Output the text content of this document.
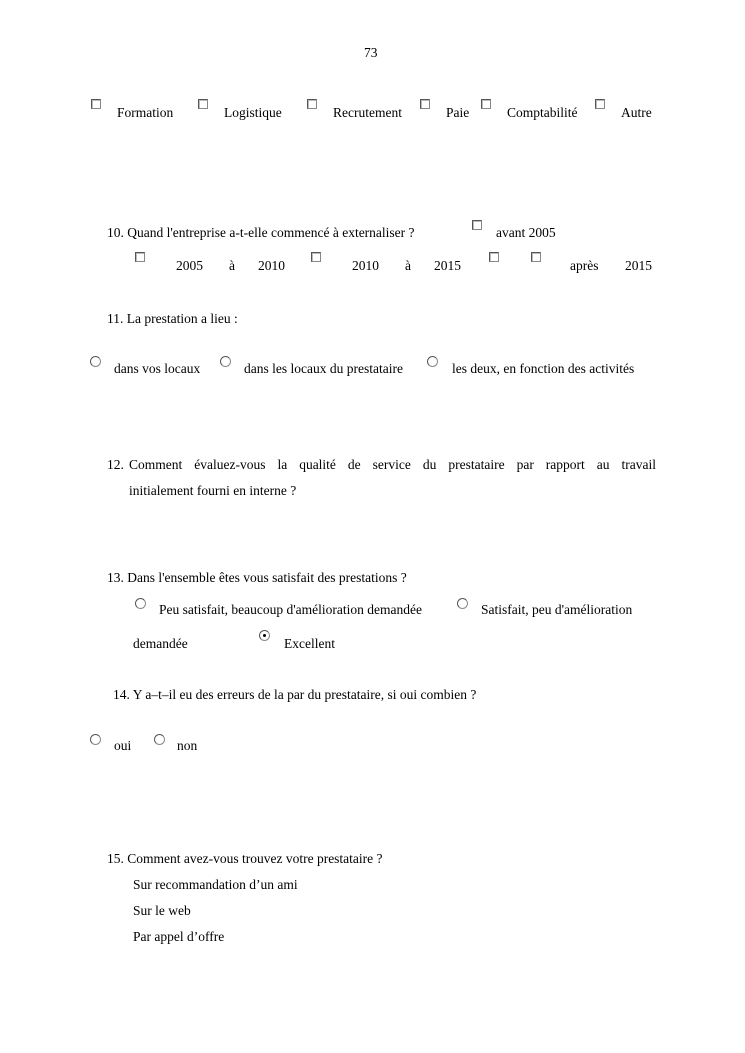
73
Formation	Logistique	Recrutement	Paie	Comptabilité	Autre
10. Quand l'entreprise a-t-elle commencé à externaliser ?	avant 2005
2005 à 2010	2010 à 2015	après 2015
11. La prestation a lieu :
dans vos locaux	dans les locaux du prestataire	les deux, en fonction des activités
12. Comment évaluez-vous la qualité de service du prestataire par rapport au travail
initialement fourni en interne ?
13. Dans l'ensemble êtes vous satisfait des prestations ?
Peu satisfait, beaucoup d'amélioration demandée	Satisfait, peu d'amélioration
demandée	Excellent
14. Y a–t–il eu des erreurs de la par du prestataire, si oui combien ?
oui	non
15. Comment avez-vous trouvez votre prestataire ?
Sur recommandation d’un ami
Sur le web
Par appel d’offre
